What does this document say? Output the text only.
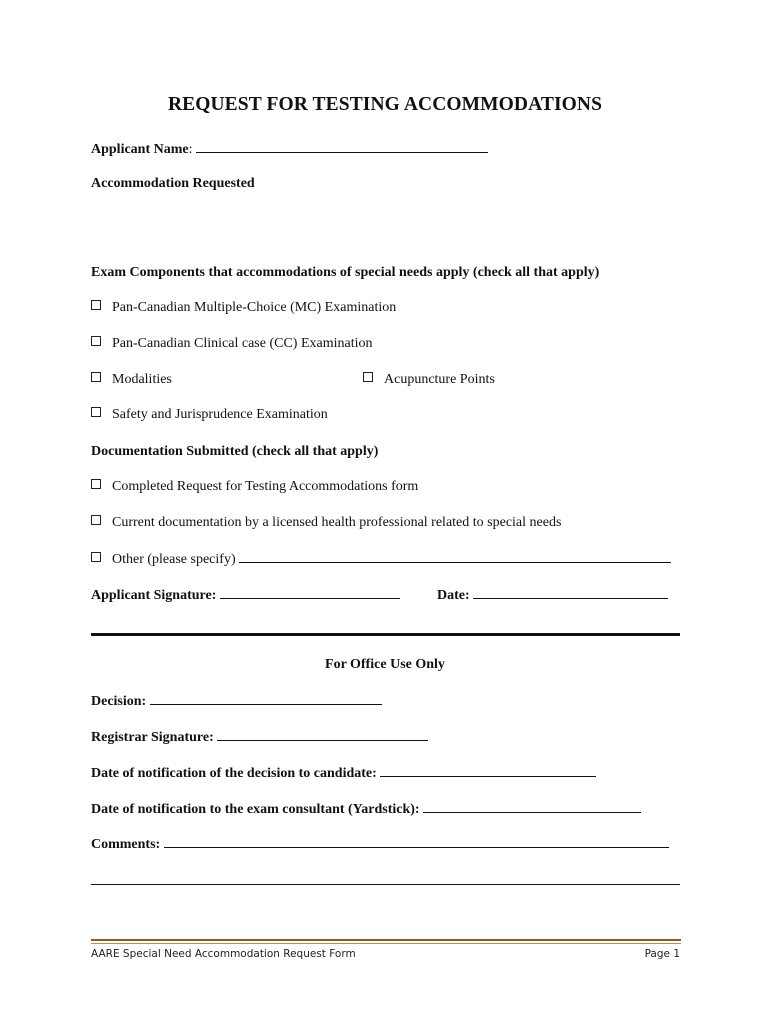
REQUEST FOR TESTING ACCOMMODATIONS
Applicant Name:
Accommodation Requested
Exam Components that accommodations of special needs apply (check all that apply)
Pan-Canadian Multiple-Choice (MC) Examination
Pan-Canadian Clinical case (CC) Examination
Modalities	Acupuncture Points
Safety and Jurisprudence Examination
Documentation Submitted (check all that apply)
Completed Request for Testing Accommodations form
Current documentation by a licensed health professional related to special needs
Other (please specify)
Applicant Signature:	Date:
For Office Use Only
Decision:
Registrar Signature:
Date of notification of the decision to candidate:
Date of notification to the exam consultant (Yardstick):
Comments:
AARE Special Need Accommodation Request Form	Page 1
